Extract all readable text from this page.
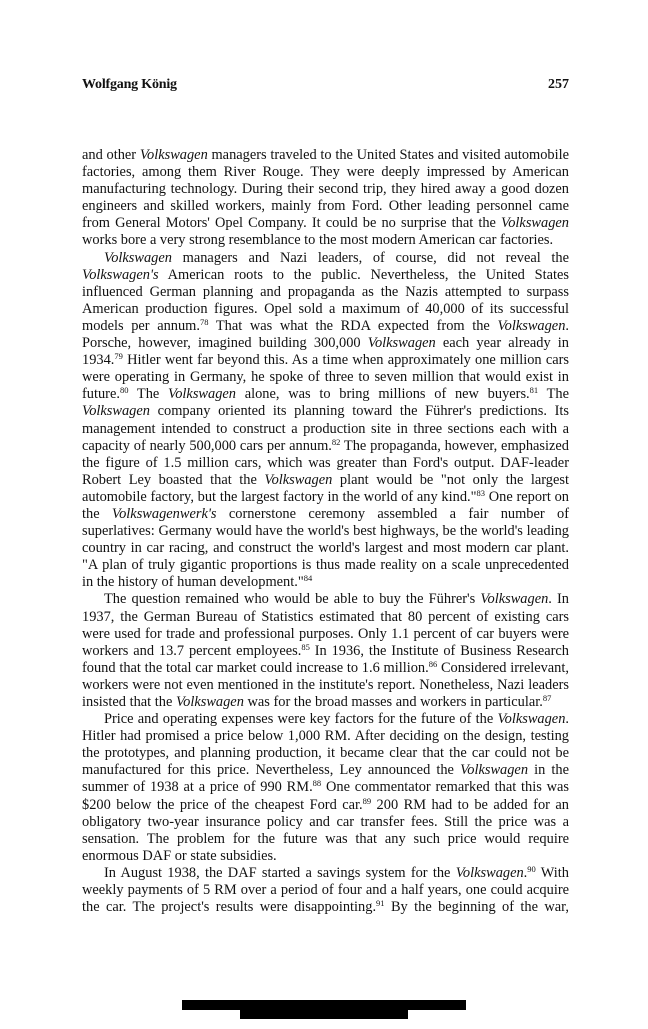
Wolfgang König	257

and other Volkswagen managers traveled to the United States and visited automobile factories, among them River Rouge. They were deeply impressed by American manufacturing technology. During their second trip, they hired away a good dozen engineers and skilled workers, mainly from Ford. Other leading personnel came from General Motors' Opel Company. It could be no surprise that the Volkswagen works bore a very strong resemblance to the most modern American car factories.

Volkswagen managers and Nazi leaders, of course, did not reveal the Volkswagen's American roots to the public. Nevertheless, the United States influenced German planning and propaganda as the Nazis attempted to surpass American production figures. Opel sold a maximum of 40,000 of its successful models per annum.$^{78}$ That was what the RDA expected from the Volkswagen. Porsche, however, imagined building 300,000 Volkswagen each year already in 1934.79 Hitler went far beyond this. As a time when approximately one million cars were operating in Germany, he spoke of three to seven million that would exist in future.$^{80}$ The Volkswagen alone, was to bring millions of new buyers.$^{81}$ The Volkswagen company oriented its planning toward the Führer's predictions. Its management intended to construct a production site in three sections each with a capacity of nearly 500,000 cars per annum.$^{82}$ The propaganda, however, emphasized the figure of 1.5 million cars, which was greater than Ford's output. DAF-leader Robert Ley boasted that the Volkswagen plant would be "not only the largest automobile factory, but the largest factory in the world of any kind."$^{83}$ One report on the Volkswagenwerk's cornerstone ceremony assembled a fair number of superlatives: Germany would have the world's best highways, be the world's leading country in car racing, and construct the world's largest and most modern car plant. "A plan of truly gigantic proportions is thus made reality on a scale unprecedented in the history of human development."$^{84}$

The question remained who would be able to buy the Führer's Volkswagen. In 1937, the German Bureau of Statistics estimated that 80 percent of existing cars were used for trade and professional purposes. Only 1.1 percent of car buyers were workers and 13.7 percent employees.$^{85}$ In 1936, the Institute of Business Research found that the total car market could increase to 1.6 million.$^{86}$ Considered irrelevant, workers were not even mentioned in the institute's report. Nonetheless, Nazi leaders insisted that the Volkswagen was for the broad masses and workers in particular.$^{87}$

Price and operating expenses were key factors for the future of the Volkswagen. Hitler had promised a price below 1,000 RM. After deciding on the design, testing the prototypes, and planning production, it became clear that the car could not be manufactured for this price. Nevertheless, Ley announced the Volkswagen in the summer of 1938 at a price of 990 RM.$^{88}$ One commentator remarked that this was $200 below the price of the cheapest Ford car.$^{89}$ 200 RM had to be added for an obligatory two-year insurance policy and car transfer fees. Still the price was a sensation. The problem for the future was that any such price would require enormous DAF or state subsidies.

In August 1938, the DAF started a savings system for the Volkswagen.$^{90}$ With weekly payments of 5 RM over a period of four and a half years, one could acquire the car. The project's results were disappointing.$^{91}$ By the beginning of the war,
